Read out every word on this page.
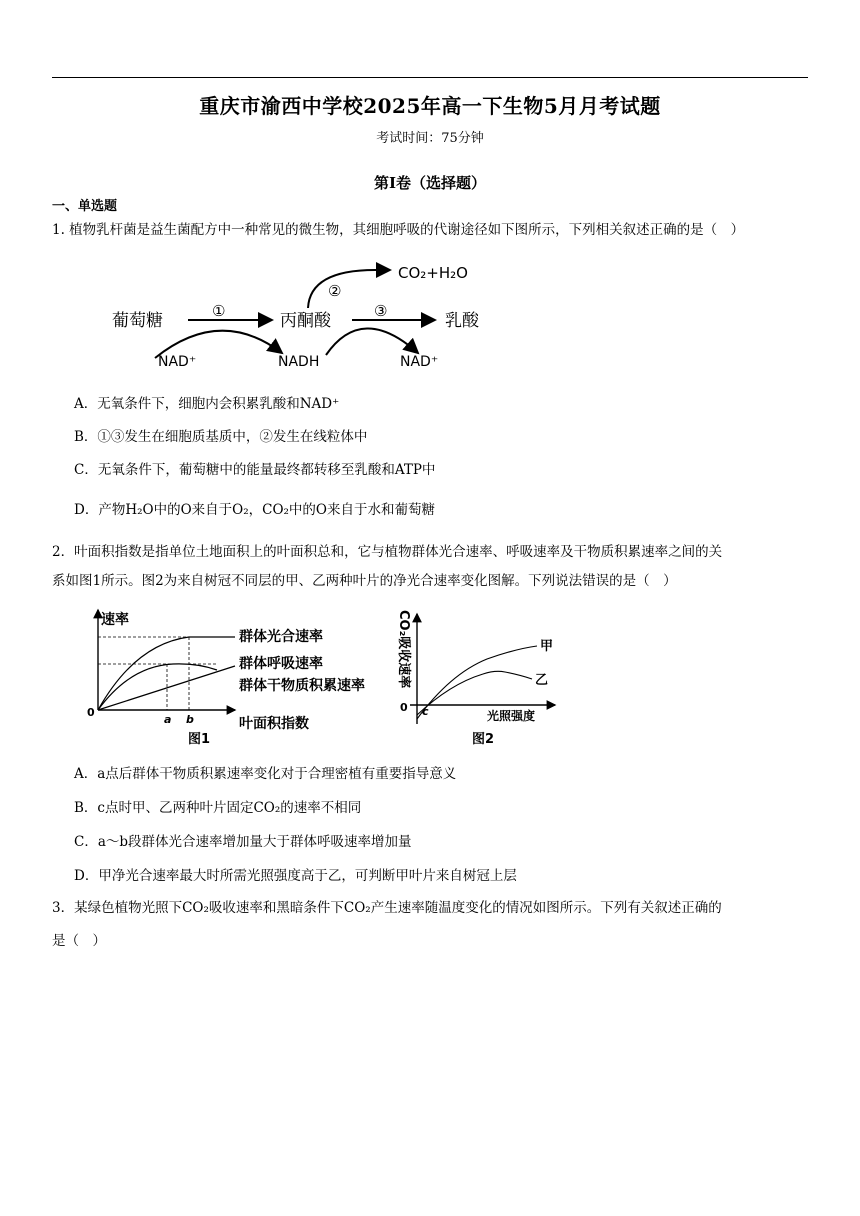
重庆市渝西中学校2025年高一下生物5月月考试题
考试时间：75分钟
第Ⅰ卷（选择题）
一、单选题
1. 植物乳杆菌是益生菌配方中一种常见的微生物，其细胞呼吸的代谢途径如下图所示，下列相关叙述正确的是（　）
葡萄糖	①	丙酮酸
②
CO₂+H₂O
③	乳酸
NAD⁺	NADH	NAD⁺
A．无氧条件下，细胞内会积累乳酸和NAD⁺
B．①③发生在细胞质基质中，②发生在线粒体中
C．无氧条件下，葡萄糖中的能量最终都转移至乳酸和ATP中
D．产物H₂O中的O来自于O₂，CO₂中的O来自于水和葡萄糖
2．叶面积指数是指单位土地面积上的叶面积总和，它与植物群体光合速率、呼吸速率及干物质积累速率之间的关
系如图1所示。图2为来自树冠不同层的甲、乙两种叶片的净光合速率变化图解。下列说法错误的是（　）
速率
0
a b
群体光合速率
群体呼吸速率
群体干物质积累速率
叶面积指数
图1
CO₂吸收速率
0 c
甲
乙
光照强度
图2
A．a点后群体干物质积累速率变化对于合理密植有重要指导意义
B．c点时甲、乙两种叶片固定CO₂的速率不相同
C．a～b段群体光合速率增加量大于群体呼吸速率增加量
D．甲净光合速率最大时所需光照强度高于乙，可判断甲叶片来自树冠上层
3．某绿色植物光照下CO₂吸收速率和黑暗条件下CO₂产生速率随温度变化的情况如图所示。下列有关叙述正确的
是（　）
